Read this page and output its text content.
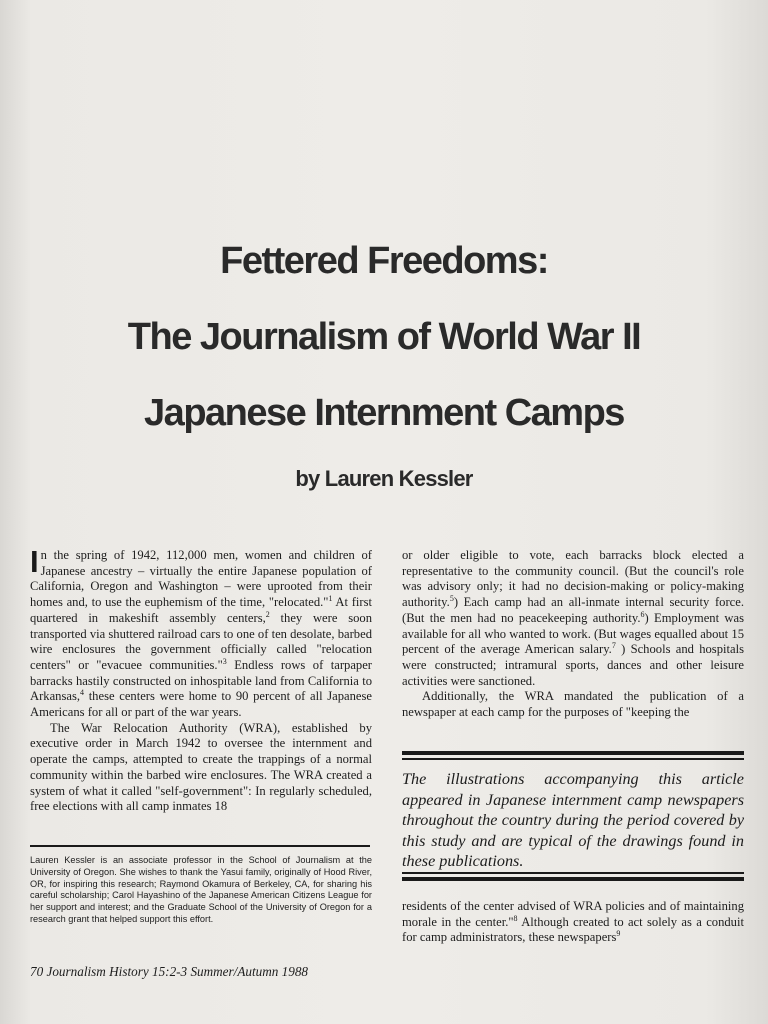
Fettered Freedoms:
The Journalism of World War II
Japanese Internment Camps
by Lauren Kessler

In the spring of 1942, 112,000 men, women and children of Japanese ancestry – virtually the entire Japanese population of California, Oregon and Washington – were uprooted from their homes and, to use the euphemism of the time, "relocated."$^1$ At first quartered in makeshift assembly centers,$^2$ they were soon transported via shuttered railroad cars to one of ten desolate, barbed wire enclosures the government officially called "relocation centers" or "evacuee communities."$^3$ Endless rows of tarpaper barracks hastily constructed on inhospitable land from California to Arkansas,$^4$ these centers were home to 90 percent of all Japanese Americans for all or part of the war years.

The War Relocation Authority (WRA), established by executive order in March 1942 to oversee the internment and operate the camps, attempted to create the trappings of a normal community within the barbed wire enclosures. The WRA created a system of what it called "self-government": In regularly scheduled, free elections with all camp inmates 18

Lauren Kessler is an associate professor in the School of Journalism at the University of Oregon. She wishes to thank the Yasui family, originally of Hood River, OR, for inspiring this research; Raymond Okamura of Berkeley, CA, for sharing his careful scholarship; Carol Hayashino of the Japanese American Citizens League for her support and interest; and the Graduate School of the University of Oregon for a research grant that helped support this effort.

or older eligible to vote, each barracks block elected a representative to the community council. (But the council's role was advisory only; it had no decision-making or policy-making authority.$^5$) Each camp had an all-inmate internal security force. (But the men had no peacekeeping authority.$^6$) Employment was available for all who wanted to work. (But wages equalled about 15 percent of the average American salary.$^7$ ) Schools and hospitals were constructed; intramural sports, dances and other leisure activities were sanctioned.

Additionally, the WRA mandated the publication of a newspaper at each camp for the purposes of "keeping the

The illustrations accompanying this article appeared in Japanese internment camp newspapers throughout the country during the period covered by this study and are typical of the drawings found in these publications.

residents of the center advised of WRA policies and of maintaining morale in the center."$^8$ Although created to act solely as a conduit for camp administrators, these newspapers$^9$

70 Journalism History 15:2-3 Summer/Autumn 1988
